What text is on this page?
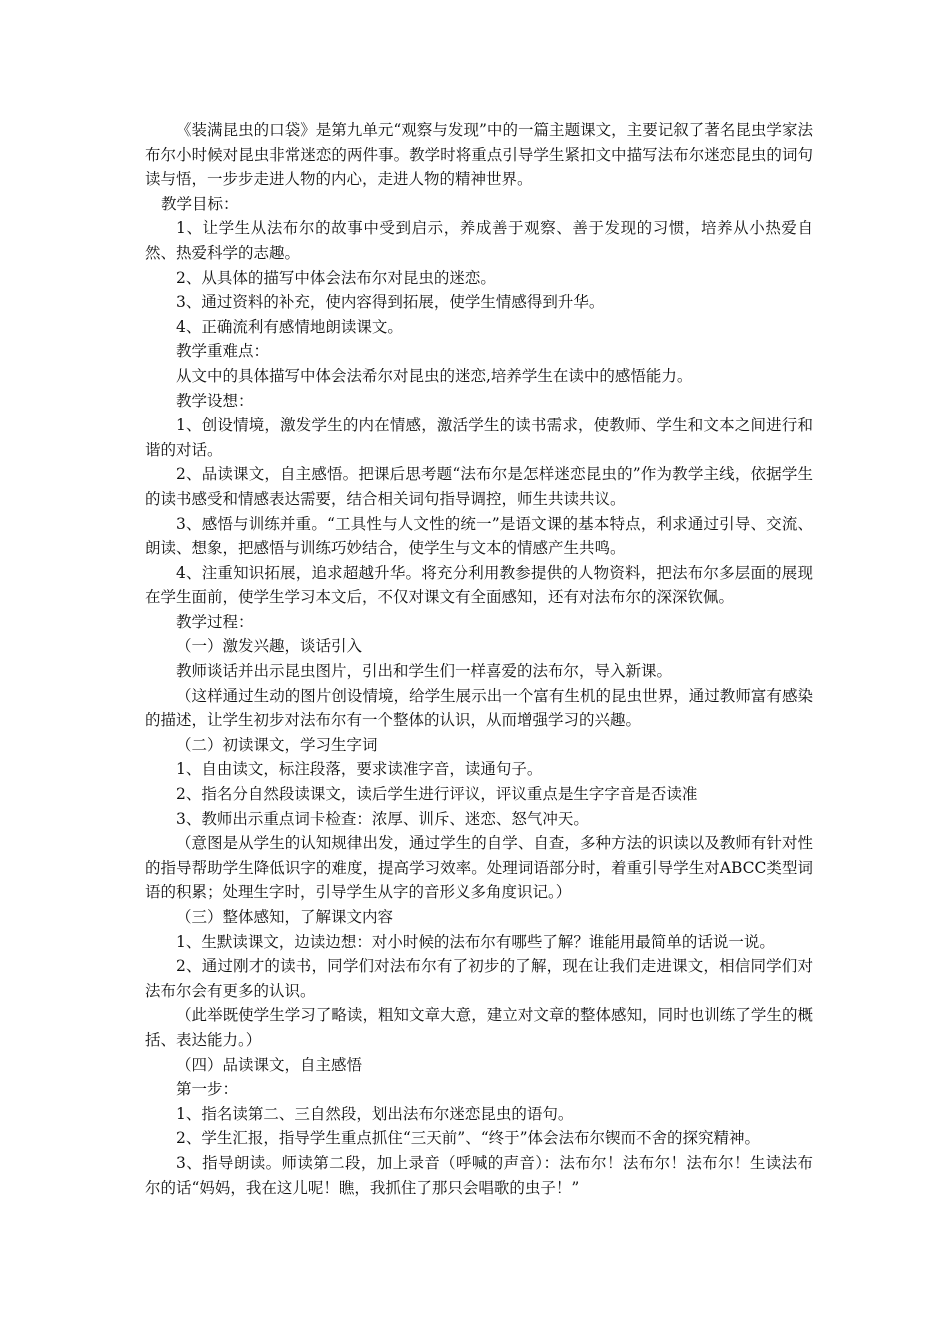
《装满昆虫的口袋》是第九单元“观察与发现”中的一篇主题课文，主要记叙了著名昆虫学家法布尔小时候对昆虫非常迷恋的两件事。教学时将重点引导学生紧扣文中描写法布尔迷恋昆虫的词句读与悟，一步步走进人物的内心，走进人物的精神世界。

教学目标：

1、让学生从法布尔的故事中受到启示，养成善于观察、善于发现的习惯，培养从小热爱自然、热爱科学的志趣。

2、从具体的描写中体会法布尔对昆虫的迷恋。

3、通过资料的补充，使内容得到拓展，使学生情感得到升华。

4、正确流利有感情地朗读课文。

教学重难点：

从文中的具体描写中体会法希尔对昆虫的迷恋,培养学生在读中的感悟能力。

教学设想：

1、创设情境，激发学生的内在情感，激活学生的读书需求，使教师、学生和文本之间进行和谐的对话。

2、品读课文，自主感悟。把课后思考题“法布尔是怎样迷恋昆虫的”作为教学主线，依据学生的读书感受和情感表达需要，结合相关词句指导调控，师生共读共议。

3、感悟与训练并重。“工具性与人文性的统一”是语文课的基本特点，利求通过引导、交流、朗读、想象，把感悟与训练巧妙结合，使学生与文本的情感产生共鸣。

4、注重知识拓展，追求超越升华。将充分利用教参提供的人物资料，把法布尔多层面的展现在学生面前，使学生学习本文后，不仅对课文有全面感知，还有对法布尔的深深钦佩。

教学过程：

（一）激发兴趣，谈话引入

教师谈话并出示昆虫图片，引出和学生们一样喜爱的法布尔，导入新课。

（这样通过生动的图片创设情境，给学生展示出一个富有生机的昆虫世界，通过教师富有感染的描述，让学生初步对法布尔有一个整体的认识，从而增强学习的兴趣。

（二）初读课文，学习生字词

1、自由读文，标注段落，要求读准字音，读通句子。

2、指名分自然段读课文，读后学生进行评议，评议重点是生字字音是否读准

3、教师出示重点词卡检查：浓厚、训斥、迷恋、怒气冲天。

（意图是从学生的认知规律出发，通过学生的自学、自查，多种方法的识读以及教师有针对性的指导帮助学生降低识字的难度，提高学习效率。处理词语部分时，着重引导学生对ABCC类型词语的积累；处理生字时，引导学生从字的音形义多角度识记。）

（三）整体感知，了解课文内容

1、生默读课文，边读边想：对小时候的法布尔有哪些了解？谁能用最简单的话说一说。

2、通过刚才的读书，同学们对法布尔有了初步的了解，现在让我们走进课文，相信同学们对法布尔会有更多的认识。

（此举既使学生学习了略读，粗知文章大意，建立对文章的整体感知，同时也训练了学生的概括、表达能力。）

（四）品读课文，自主感悟

第一步：

1、指名读第二、三自然段，划出法布尔迷恋昆虫的语句。

2、学生汇报，指导学生重点抓住“三天前”、“终于”体会法布尔锲而不舍的探究精神。

3、指导朗读。师读第二段，加上录音（呼喊的声音）：法布尔！法布尔！法布尔！生读法布尔的话“妈妈，我在这儿呢！瞧，我抓住了那只会唱歌的虫子！”
